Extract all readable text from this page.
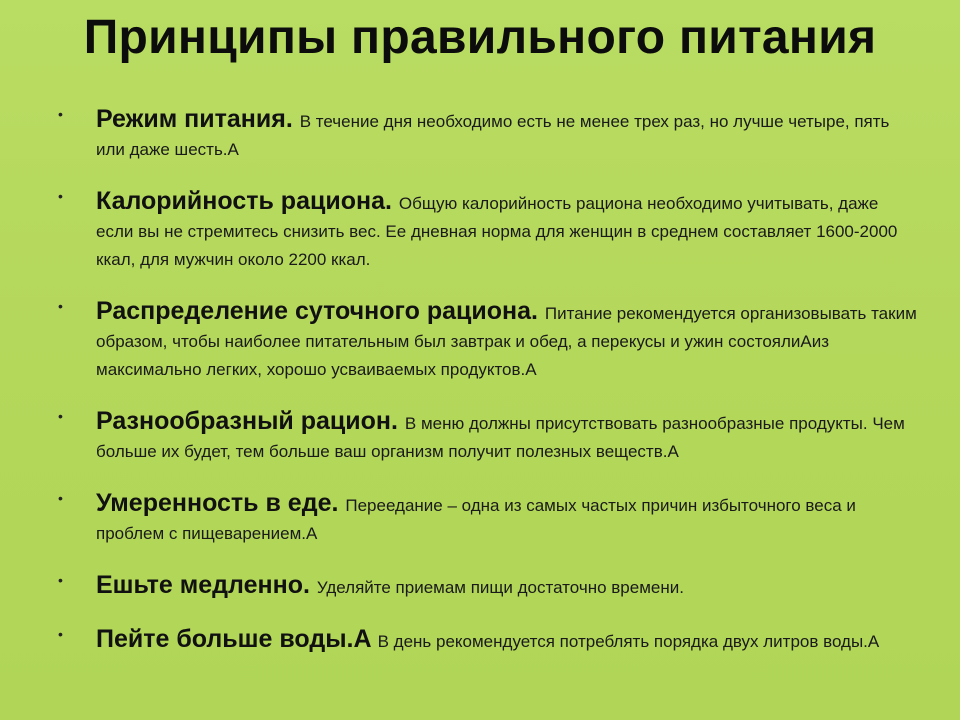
Принципы правильного питания
• Режим питания. В течение дня необходимо есть не менее трех раз, но лучше четыре, пять или даже шесть.A
• Калорийность рациона. Общую калорийность рациона необходимо учитывать, даже если вы не стремитесь снизить вес. Ее дневная норма для женщин в среднем составляет 1600-2000 ккал, для мужчин около 2200 ккал.
• Распределение суточного рациона. Питание рекомендуется организовывать таким образом, чтобы наиболее питательным был завтрак и обед, а перекусы и ужин состоялиAиз максимально легких, хорошо усваиваемых продуктов.A
• Разнообразный рацион. В меню должны присутствовать разнообразные продукты. Чем больше их будет, тем больше ваш организм получит полезных веществ.A
• Умеренность в еде. Переедание – одна из самых частых причин избыточного веса и проблем с пищеварением.A
• Ешьте медленно. Уделяйте приемам пищи достаточно времени.
• Пейте больше воды.A В день рекомендуется потреблять порядка двух литров воды.A
